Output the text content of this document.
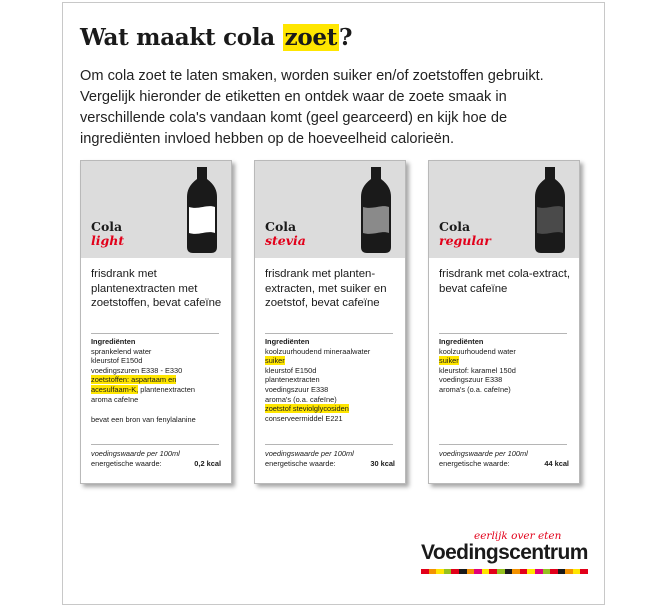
Wat maakt cola zoet?

Om cola zoet te laten smaken, worden suiker en/of zoetstoffen gebruikt. Vergelijk hieronder de etiketten en ontdek waar de zoete smaak in verschillende cola's vandaan komt (geel gearceerd) en kijk hoe de ingrediënten invloed hebben op de hoeveelheid calorieën.

Cola
light

frisdrank met plantenextracten met zoetstoffen, bevat cafeïne

Ingrediënten
sprankelend water
kleurstof E150d
voedingszuren E338 - E330
zoetstoffen: aspartaam en
acesulfaam-K, plantenextracten
aroma cafeïne
bevat een bron van fenylalanine
voedingswaarde per 100ml
energetische waarde:	0,2 kcal
Cola
stevia

frisdrank met planten-extracten, met suiker en zoetstof, bevat cafeïne

Ingrediënten
koolzuurhoudend mineraalwater
suiker
kleurstof E150d
plantenextracten
voedingszuur E338
aroma's (o.a. cafeïne)
zoetstof steviolglycosiden
conserveermiddel E221
voedingswaarde per 100ml
energetische waarde:	30 kcal
Cola
regular

frisdrank met cola-extract, bevat cafeïne

Ingrediënten
koolzuurhoudend water
suiker
kleurstof: karamel 150d
voedingszuur E338
aroma's (o.a. cafeïne)
voedingswaarde per 100ml
energetische waarde:	44 kcal
eerlijk over eten
Voedingscentrum
